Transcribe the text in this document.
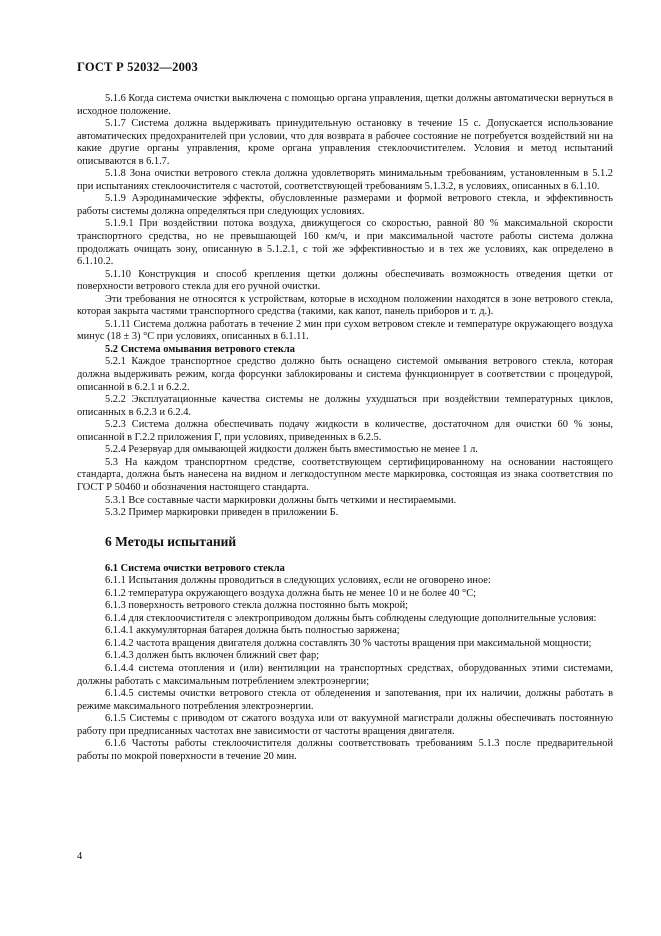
ГОСТ Р 52032—2003

5.1.6 Когда система очистки выключена с помощью органа управления, щетки должны автоматически вернуться в исходное положение.

5.1.7 Система должна выдерживать принудительную остановку в течение 15 с. Допускается использование автоматических предохранителей при условии, что для возврата в рабочее состояние не потребуется воздействий ни на какие другие органы управления, кроме органа управления стеклоочистителем. Условия и метод испытаний описываются в 6.1.7.

5.1.8 Зона очистки ветрового стекла должна удовлетворять минимальным требованиям, установленным в 5.1.2 при испытаниях стеклоочистителя с частотой, соответствующей требованиям 5.1.3.2, в условиях, описанных в 6.1.10.

5.1.9 Аэродинамические эффекты, обусловленные размерами и формой ветрового стекла, и эффективность работы системы должна определяться при следующих условиях.

5.1.9.1 При воздействии потока воздуха, движущегося со скоростью, равной 80 % максимальной скорости транспортного средства, но не превышающей 160 км/ч, и при максимальной частоте работы система должна продолжать очищать зону, описанную в 5.1.2.1, с той же эффективностью и в тех же условиях, как определено в 6.1.10.2.

5.1.10 Конструкция и способ крепления щетки должны обеспечивать возможность отведения щетки от поверхности ветрового стекла для его ручной очистки.

Эти требования не относятся к устройствам, которые в исходном положении находятся в зоне ветрового стекла, которая закрыта частями транспортного средства (такими, как капот, панель приборов и т. д.).

5.1.11 Система должна работать в течение 2 мин при сухом ветровом стекле и температуре окружающего воздуха минус (18 ± 3) °С при условиях, описанных в 6.1.11.

5.2 Система омывания ветрового стекла

5.2.1 Каждое транспортное средство должно быть оснащено системой омывания ветрового стекла, которая должна выдерживать режим, когда форсунки заблокированы и система функционирует в соответствии с процедурой, описанной в 6.2.1 и 6.2.2.

5.2.2 Эксплуатационные качества системы не должны ухудшаться при воздействии температурных циклов, описанных в 6.2.3 и 6.2.4.

5.2.3 Система должна обеспечивать подачу жидкости в количестве, достаточном для очистки 60 % зоны, описанной в Г.2.2 приложения Г, при условиях, приведенных в 6.2.5.

5.2.4 Резервуар для омывающей жидкости должен быть вместимостью не менее 1 л.

5.3 На каждом транспортном средстве, соответствующем сертифицированному на основании настоящего стандарта, должна быть нанесена на видном и легкодоступном месте маркировка, состоящая из знака соответствия по ГОСТ Р 50460 и обозначения настоящего стандарта.

5.3.1 Все составные части маркировки должны быть четкими и нестираемыми.

5.3.2 Пример маркировки приведен в приложении Б.

6 Методы испытаний

6.1 Система очистки ветрового стекла

6.1.1 Испытания должны проводиться в следующих условиях, если не оговорено иное:

6.1.2 температура окружающего воздуха должна быть не менее 10 и не более 40 °С;

6.1.3 поверхность ветрового стекла должна постоянно быть мокрой;

6.1.4 для стеклоочистителя с электроприводом должны быть соблюдены следующие дополнительные условия:

6.1.4.1 аккумуляторная батарея должна быть полностью заряжена;

6.1.4.2 частота вращения двигателя должна составлять 30 % частоты вращения при максимальной мощности;

6.1.4.3 должен быть включен ближний свет фар;

6.1.4.4 система отопления и (или) вентиляции на транспортных средствах, оборудованных этими системами, должны работать с максимальным потреблением электроэнергии;

6.1.4.5 системы очистки ветрового стекла от обледенения и запотевания, при их наличии, должны работать в режиме максимального потребления электроэнергии.

6.1.5 Системы с приводом от сжатого воздуха или от вакуумной магистрали должны обеспечивать постоянную работу при предписанных частотах вне зависимости от частоты вращения двигателя.

6.1.6 Частоты работы стеклоочистителя должны соответствовать требованиям 5.1.3 после предварительной работы по мокрой поверхности в течение 20 мин.

4
